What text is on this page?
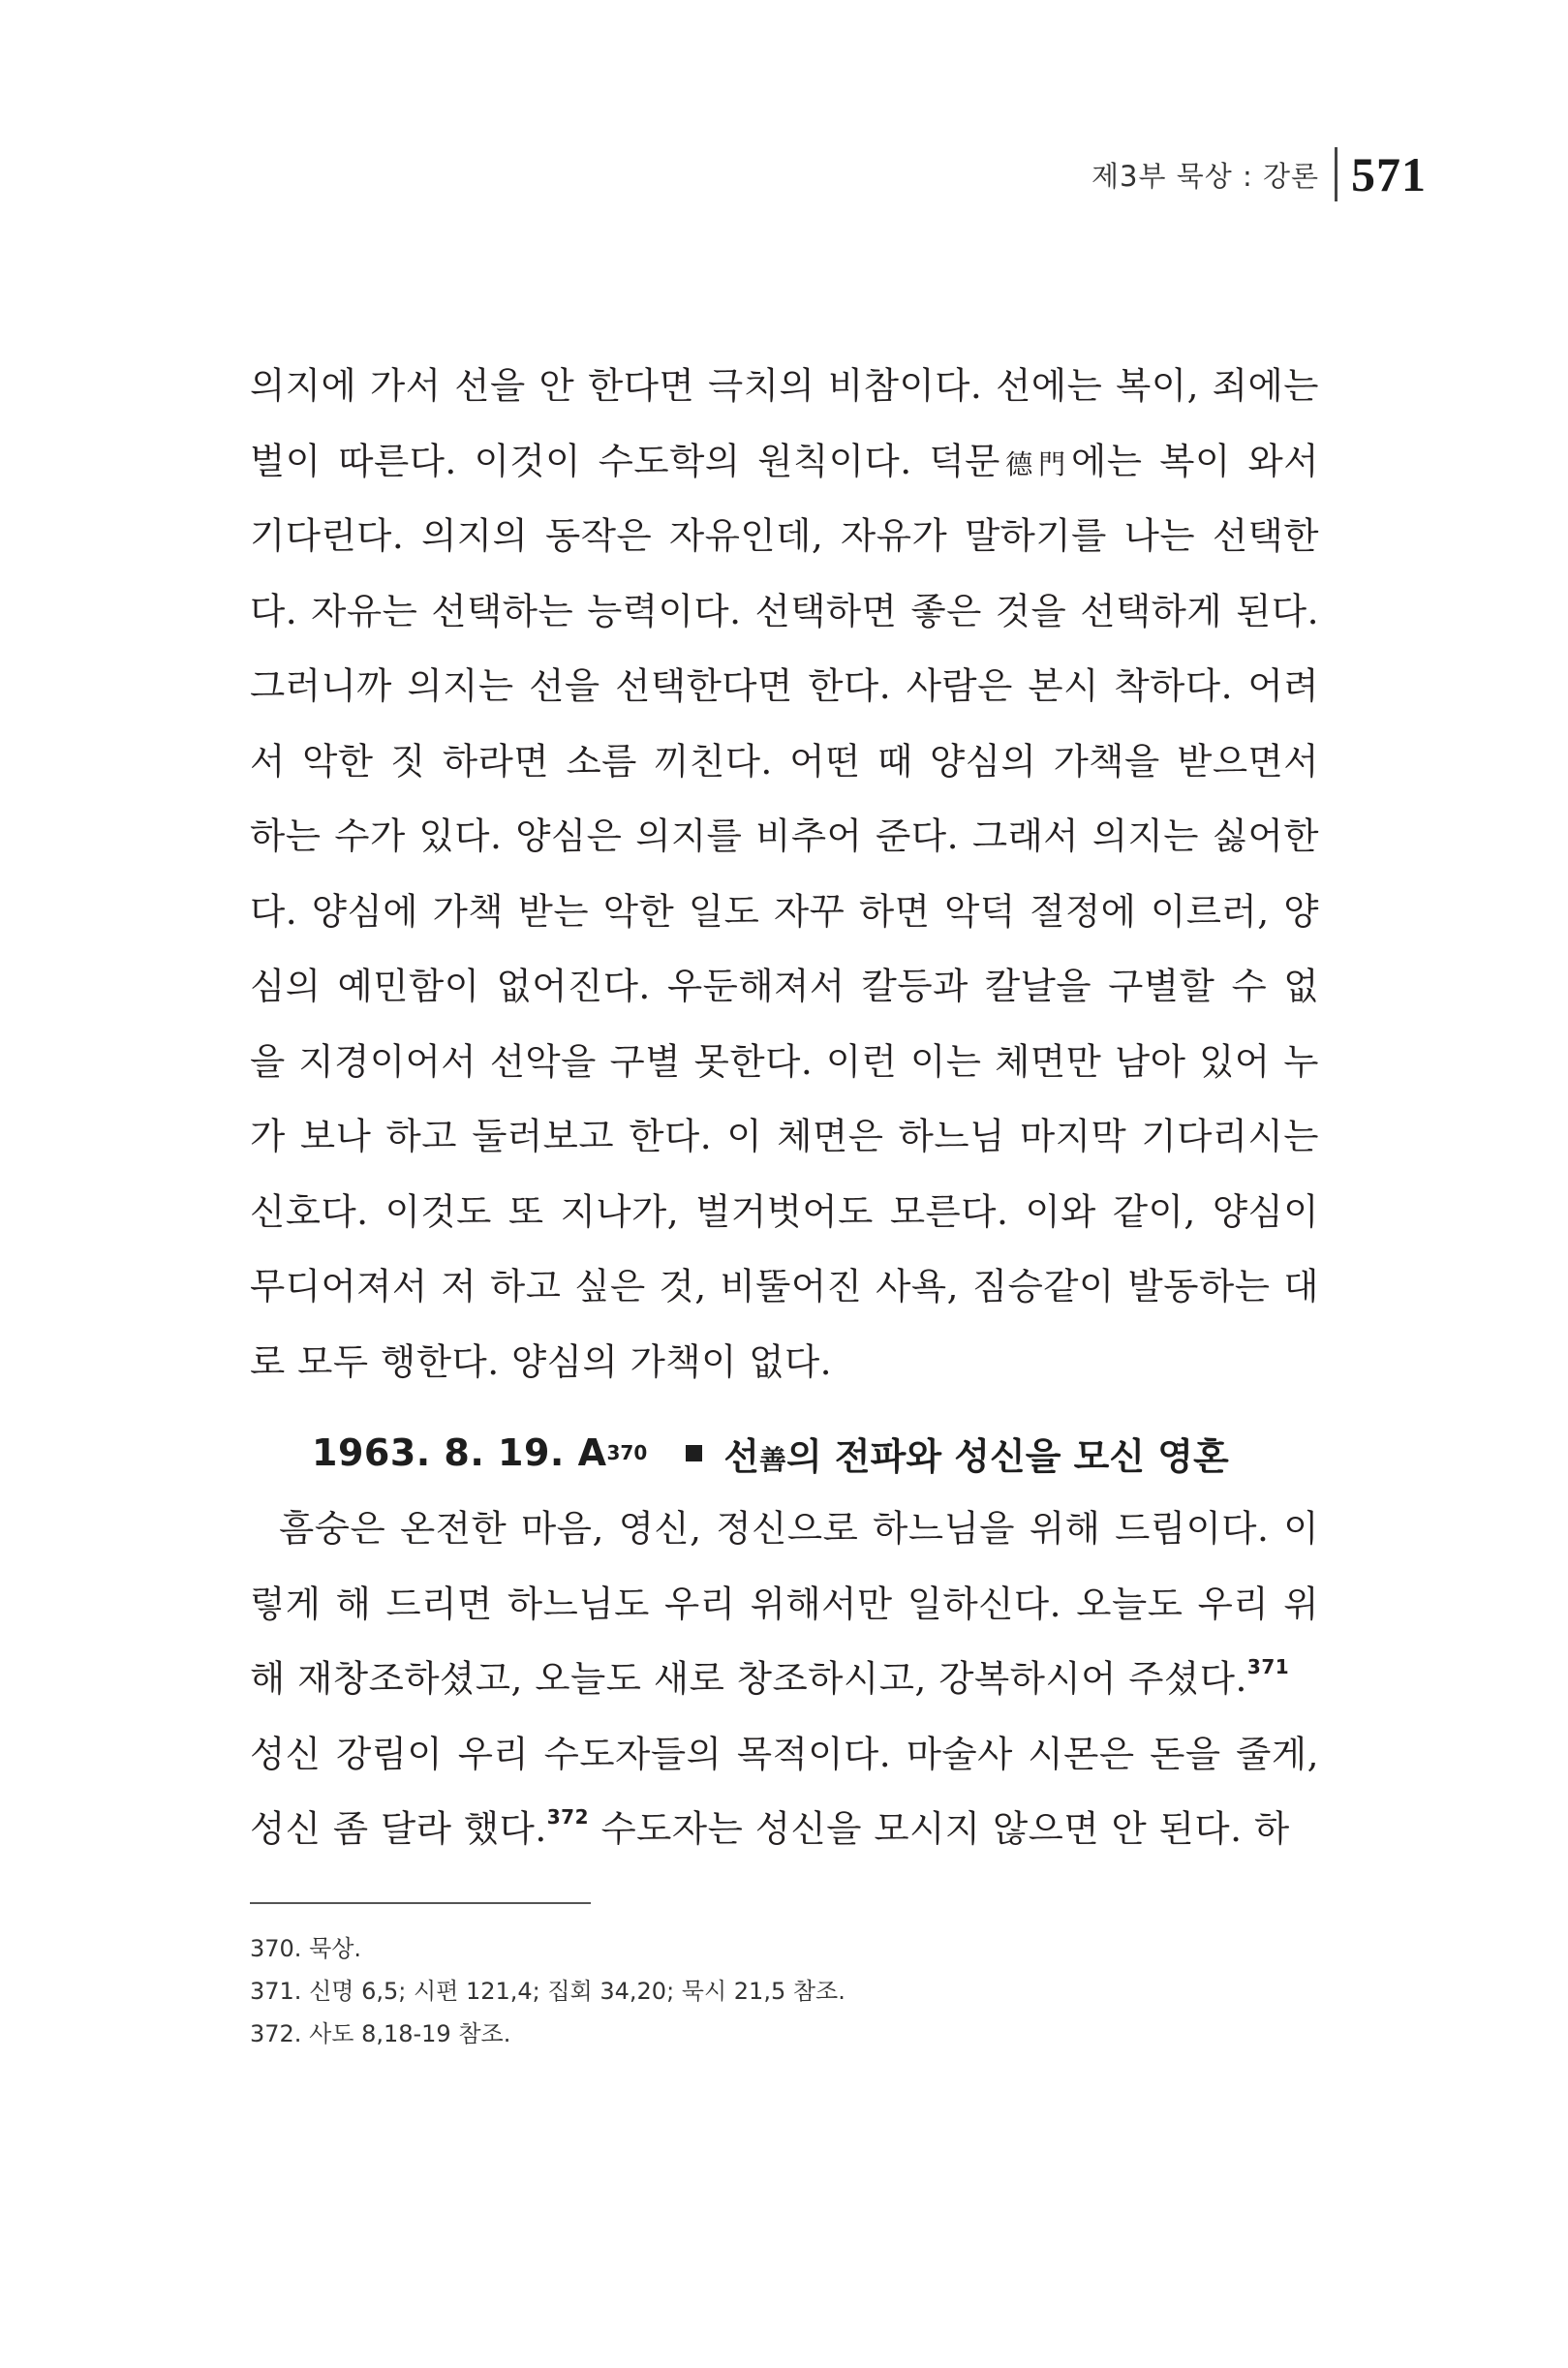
제3부 묵상 : 강론 571
의지에 가서 선을 안 한다면 극치의 비참이다. 선에는 복이, 죄에는
벌이 따른다. 이것이 수도학의 원칙이다. 덕문德門에는 복이 와서
기다린다. 의지의 동작은 자유인데, 자유가 말하기를 나는 선택한
다. 자유는 선택하는 능력이다. 선택하면 좋은 것을 선택하게 된다.
그러니까 의지는 선을 선택한다면 한다. 사람은 본시 착하다. 어려
서 악한 짓 하라면 소름 끼친다. 어떤 때 양심의 가책을 받으면서
하는 수가 있다. 양심은 의지를 비추어 준다. 그래서 의지는 싫어한
다. 양심에 가책 받는 악한 일도 자꾸 하면 악덕 절정에 이르러, 양
심의 예민함이 없어진다. 우둔해져서 칼등과 칼날을 구별할 수 없
을 지경이어서 선악을 구별 못한다. 이런 이는 체면만 남아 있어 누
가 보나 하고 둘러보고 한다. 이 체면은 하느님 마지막 기다리시는
신호다. 이것도 또 지나가, 벌거벗어도 모른다. 이와 같이, 양심이
무디어져서 저 하고 싶은 것, 비뚤어진 사욕, 짐승같이 발동하는 대
로 모두 행한다. 양심의 가책이 없다.
1963. 8. 19. A 370 선善의 전파와 성신을 모신 영혼
흠숭은 온전한 마음, 영신, 정신으로 하느님을 위해 드림이다. 이
렇게 해 드리면 하느님도 우리 위해서만 일하신다. 오늘도 우리 위
해 재창조하셨고, 오늘도 새로 창조하시고, 강복하시어 주셨다.$^{371}$
성신 강림이 우리 수도자들의 목적이다. 마술사 시몬은 돈을 줄게,
성신 좀 달라 했다.$^{372}$ 수도자는 성신을 모시지 않으면 안 된다. 하
370. 묵상.
371. 신명 6,5; 시편 121,4; 집회 34,20; 묵시 21,5 참조.
372. 사도 8,18-19 참조.
